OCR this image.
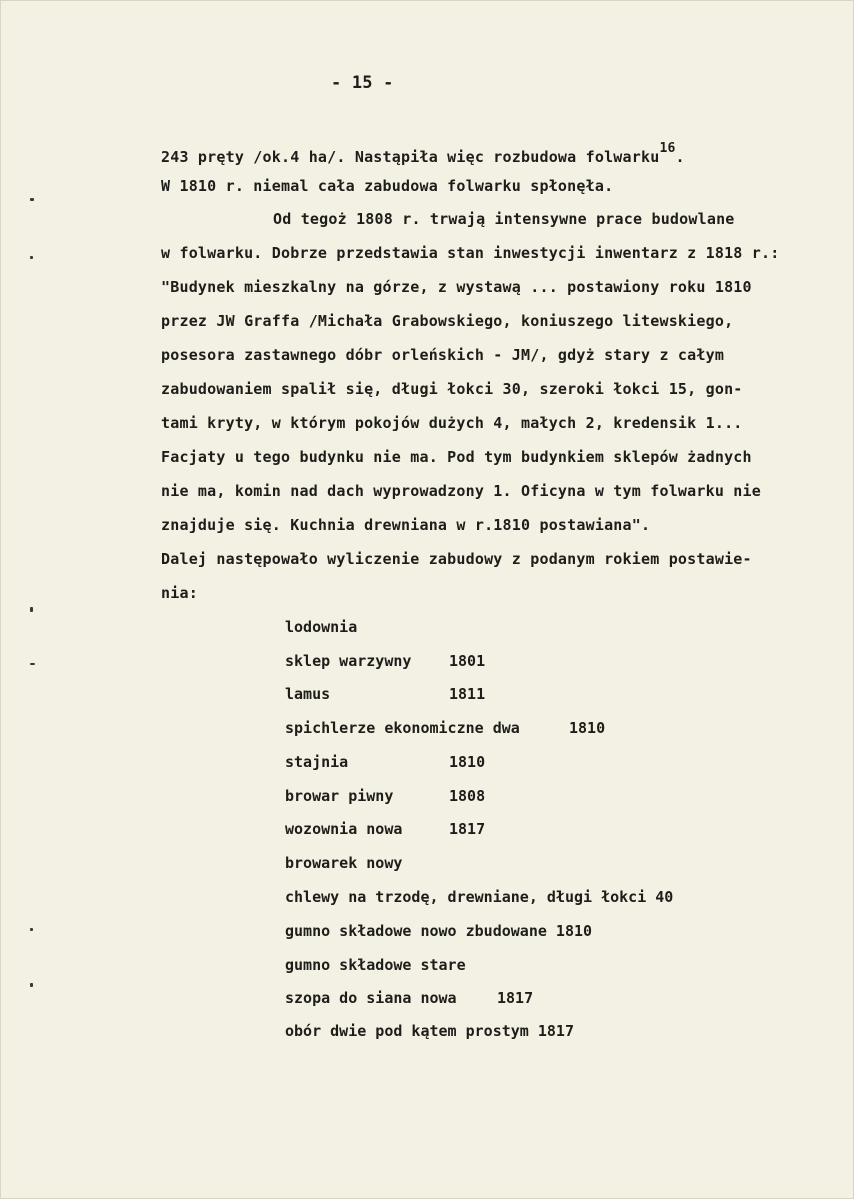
- 15 -
243 pręty /ok.4 ha/. Nastąpiła więc rozbudowa folwarku$^{16}$.
W 1810 r. niemal cała zabudowa folwarku spłonęła.
Od tegoż 1808 r. trwają intensywne prace budowlane
w folwarku. Dobrze przedstawia stan inwestycji inwentarz z 1818 r.:
"Budynek mieszkalny na górze, z wystawą ... postawiony roku 1810
przez JW Graffa /Michała Grabowskiego, koniuszego litewskiego,
posesora zastawnego dóbr orleńskich - JM/, gdyż stary z całym
zabudowaniem spalił się, długi łokci 30, szeroki łokci 15, gon-
tami kryty, w którym pokojów dużych 4, małych 2, kredensik 1...
Facjaty u tego budynku nie ma. Pod tym budynkiem sklepów żadnych
nie ma, komin nad dach wyprowadzony 1. Oficyna w tym folwarku nie
znajduje się. Kuchnia drewniana w r.1810 postawiana".
Dalej następowało wyliczenie zabudowy z podanym rokiem postawie-
nia:
lodownia
sklep warzywny	1801
lamus	1811
spichlerze ekonomiczne dwa	1810
stajnia	1810
browar piwny	1808
wozownia nowa	1817
browarek nowy
chlewy na trzodę, drewniane, długi łokci 40
gumno składowe nowo zbudowane 1810
gumno składowe stare
szopa do siana nowa	1817
obór dwie pod kątem prostym 1817
